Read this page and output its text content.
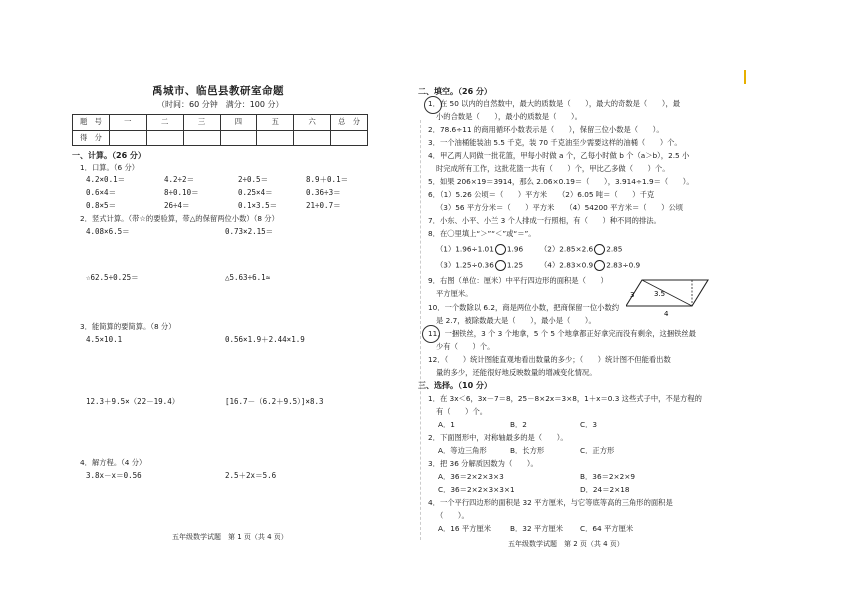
禹城市、临邑县教研室命题
（时间：60 分钟　满分：100 分）
题　号	一	二	三	四	五	六	总　分
得　分							
一、计算。（26 分）
1．口算。（6 分）
4.2×0.1＝	4.2÷2＝	2÷0.5＝	8.9＋0.1＝
0.6×4＝	8÷0.10＝	0.25×4＝	0.36÷3＝
0.8×5＝	26÷4＝	0.1×3.5＝	21÷0.7＝
2．竖式计算。（带☆的要验算，带△的保留两位小数）（8 分）
4.08×6.5＝	0.73×2.15＝
☆62.5÷0.25＝	△5.63÷6.1≈
3．能简算的要简算。（8 分）
4.5×10.1	0.56×1.9＋2.44×1.9
12.3＋9.5×（22－19.4）	[16.7－（6.2＋9.5）]×8.3
4．解方程。（4 分）
3.8x－x＝0.56	2.5＋2x＝5.6
五年级数学试题　第 1 页（共 4 页）
二、填空。（26 分）
1．在 50 以内的自然数中，最大的质数是（　　），最大的奇数是（　　），最
小的合数是（　　），最小的质数是（　　）。
2．78.6÷11 的商用循环小数表示是（　　），保留三位小数是（　　）。
3．一个油桶能装油 5.5 千克，装 70 千克油至少需要这样的油桶（　　）个。
4．甲乙两人同做一批花篮，甲每小时做 a 个，乙每小时做 b 个（a＞b），2.5 小
时完成所有工作，这批花篮一共有（　　）个，甲比乙多做（　　）个。
5．如果 206×19＝3914，那么 2.06×0.19＝（　　），3.914÷1.9＝（　　）。
6．（1）5.26 公顷＝（　　）平方米　　（2）6.05 吨＝（　　）千克
（3）56 平方分米＝（　　）平方米　　（4）54200 平方米＝（　　）公顷
7．小东、小平、小兰 3 个人排成一行照相，有（　　）种不同的排法。
8．在〇里填上“＞”“＜”或“＝”。
（1）1.96÷1.01 1.96 （2）2.85×2.6 2.85
（3）1.25÷0.36 1.25 （4）2.83×0.9 2.83÷0.9
9．右图（单位：厘米）中平行四边形的面积是（　　）
平方厘米。	3	3.5
4
10．一个数除以 6.2，商是两位小数，把商保留一位小数约
是 2.7，被除数最大是（　　），最小是（　　）。
11．一捆铁丝，3 个 3 个地拿，5 个 5 个地拿都正好拿完而没有剩余，这捆铁丝最
少有（　　）个。
12．（　　）统计图能直观地看出数量的多少；（　　）统计图不但能看出数
量的多少，还能很好地反映数量的增减变化情况。
三、选择。（10 分）
1．在 3x＜6，3x－7＝8，25－8×2x＝3×8，1＋x＝0.3 这些式子中，不是方程的
有（　　）个。
A．1	B．2	C．3
2．下面图形中，对称轴最多的是（　　）。
A．等边三角形	B．长方形	C．正方形
3．把 36 分解质因数为（　　）。
A．36＝2×2×3×3	B．36＝2×2×9
C．36＝2×2×3×3×1	D．24＝2×18
4．一个平行四边形的面积是 32 平方厘米，与它等底等高的三角形的面积是
（　　）。
A．16 平方厘米	B．32 平方厘米 C．64 平方厘米
五年级数学试题　第 2 页（共 4 页）
